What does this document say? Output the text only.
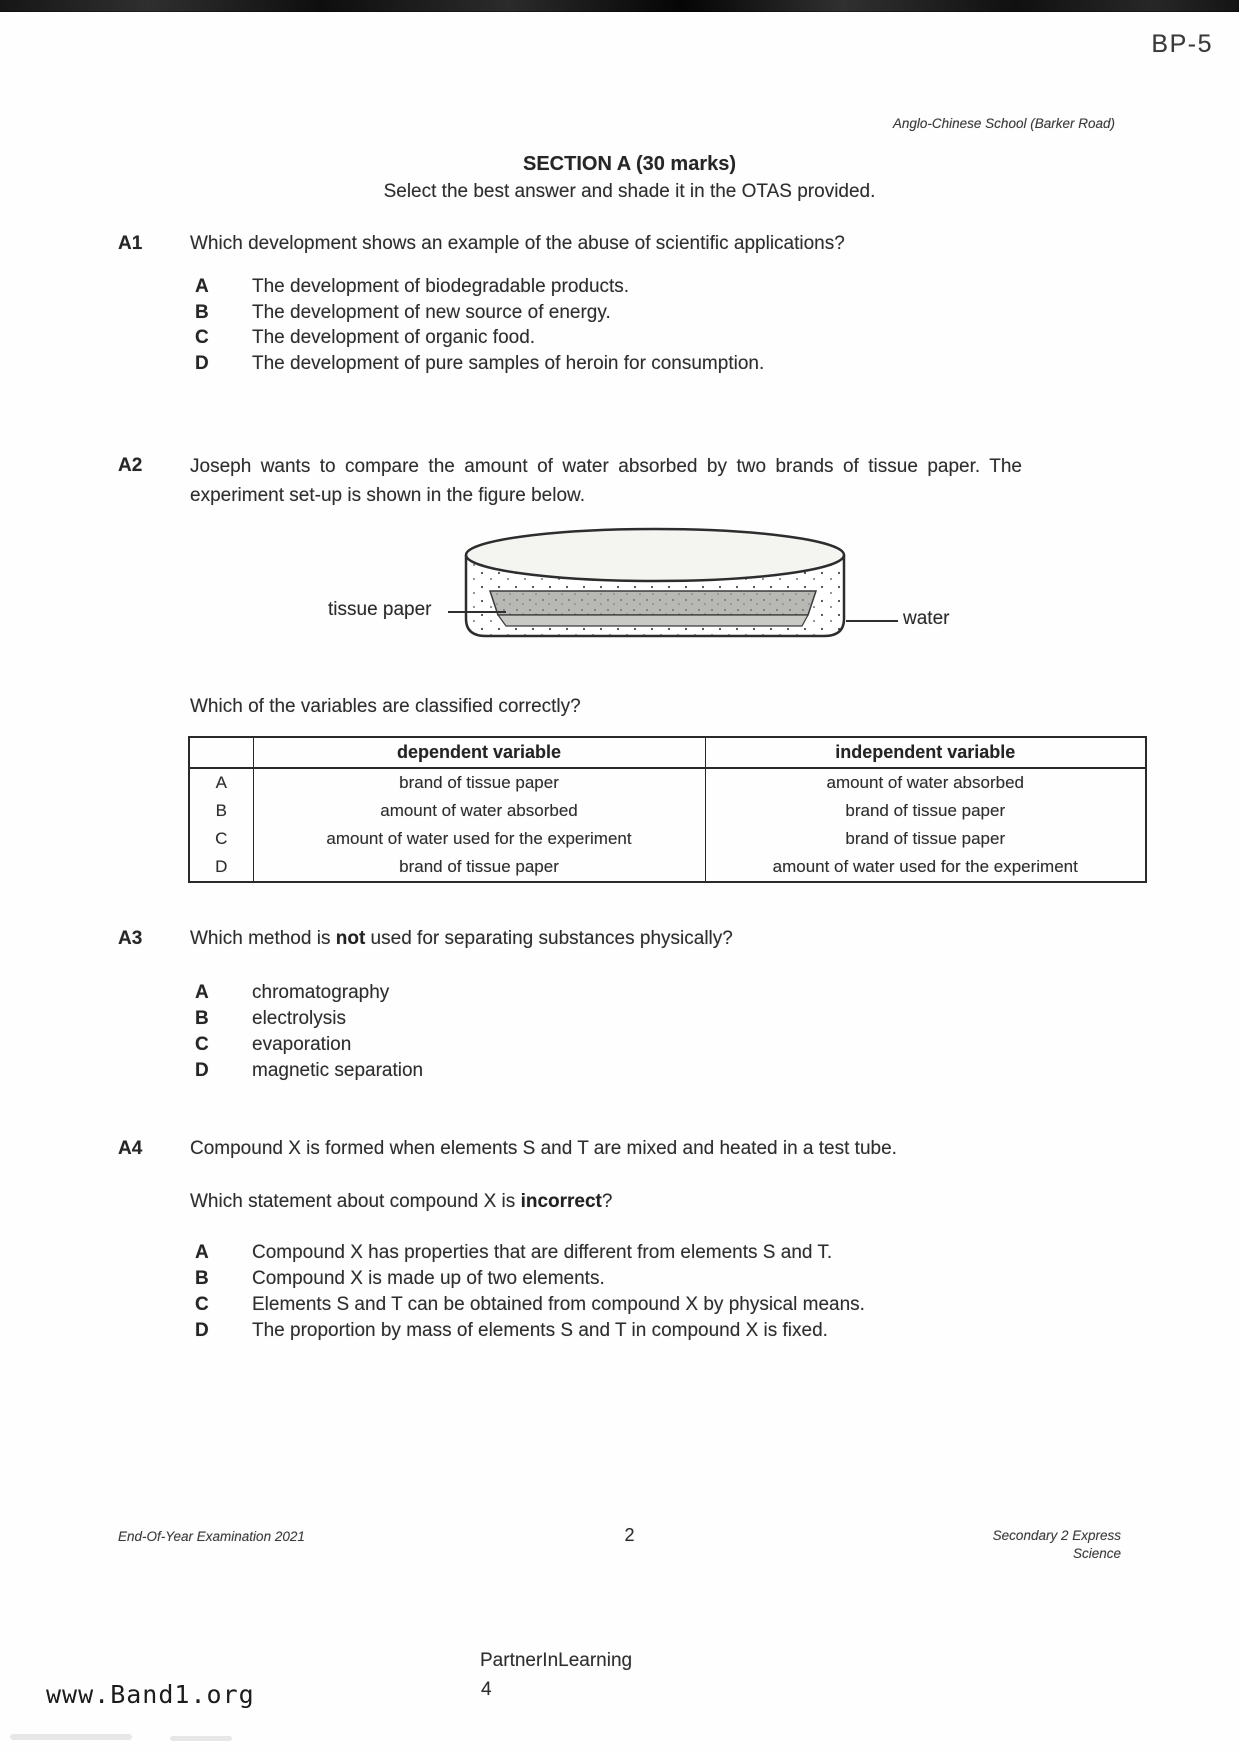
BP-5
Anglo-Chinese School (Barker Road)
SECTION A (30 marks)
Select the best answer and shade it in the OTAS provided.
A1	Which development shows an example of the abuse of scientific applications?
A	The development of biodegradable products.
B	The development of new source of energy.
C	The development of organic food.
D	The development of pure samples of heroin for consumption.
A2	Joseph wants to compare the amount of water absorbed by two brands of tissue paper. The experiment set-up is shown in the figure below.
tissue paper	water
Which of the variables are classified correctly?
	dependent variable	independent variable
A	brand of tissue paper	amount of water absorbed
B	amount of water absorbed	brand of tissue paper
C	amount of water used for the experiment	brand of tissue paper
D	brand of tissue paper	amount of water used for the experiment
A3	Which method is not used for separating substances physically?
A	chromatography
B	electrolysis
C	evaporation
D	magnetic separation
A4	Compound X is formed when elements S and T are mixed and heated in a test tube.
Which statement about compound X is incorrect?
A	Compound X has properties that are different from elements S and T.
B	Compound X is made up of two elements.
C	Elements S and T can be obtained from compound X by physical means.
D	The proportion by mass of elements S and T in compound X is fixed.
End-Of-Year Examination 2021	2	Secondary 2 Express
Science
PartnerInLearning
4
www.Band1.org
